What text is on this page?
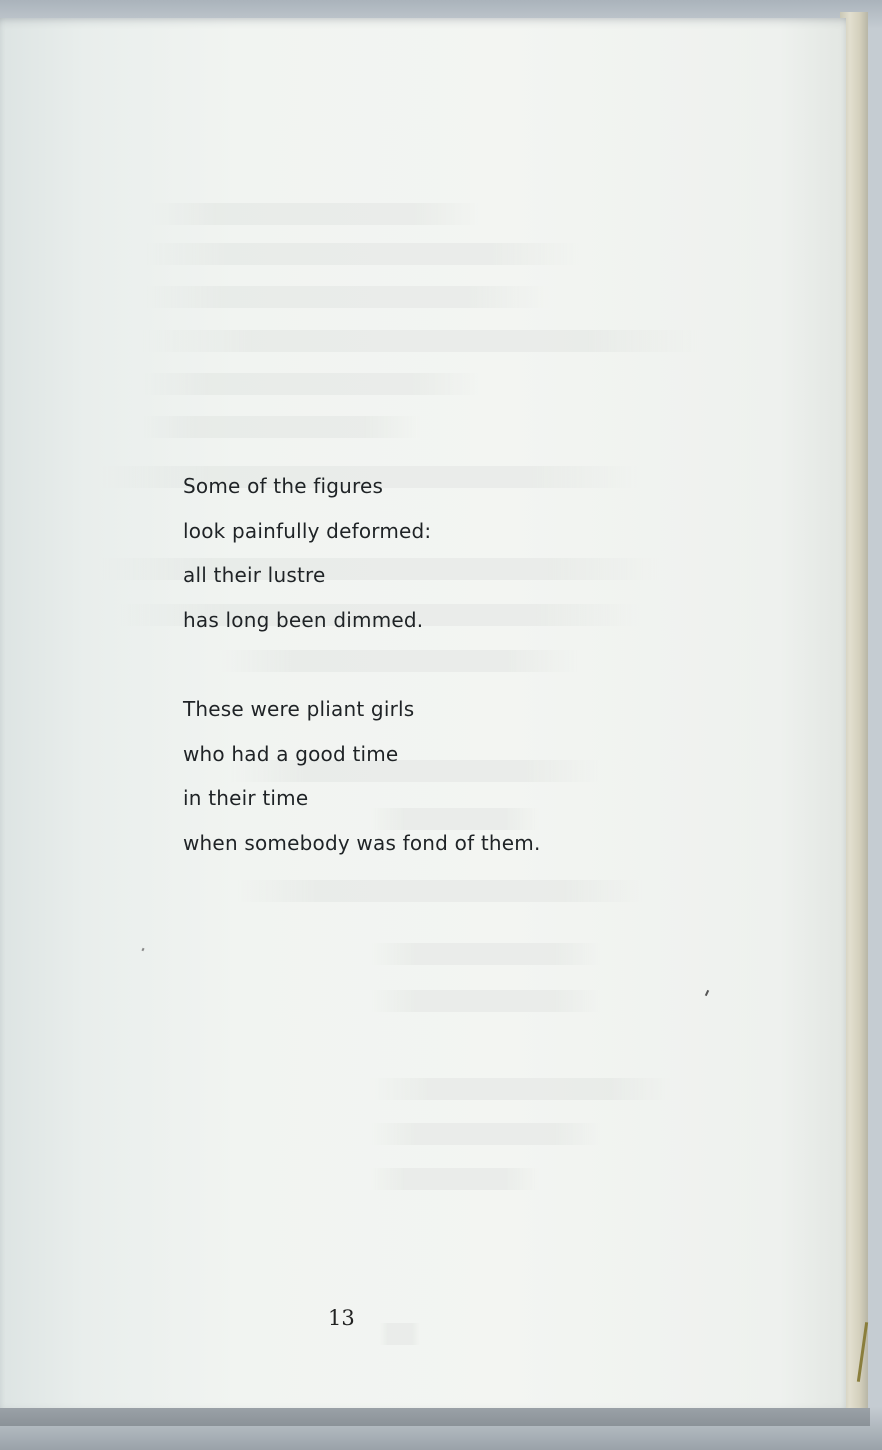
Some of the figures
look painfully deformed:
all their lustre
has long been dimmed.
These were pliant girls
who had a good time
in their time
when somebody was fond of them.
13
